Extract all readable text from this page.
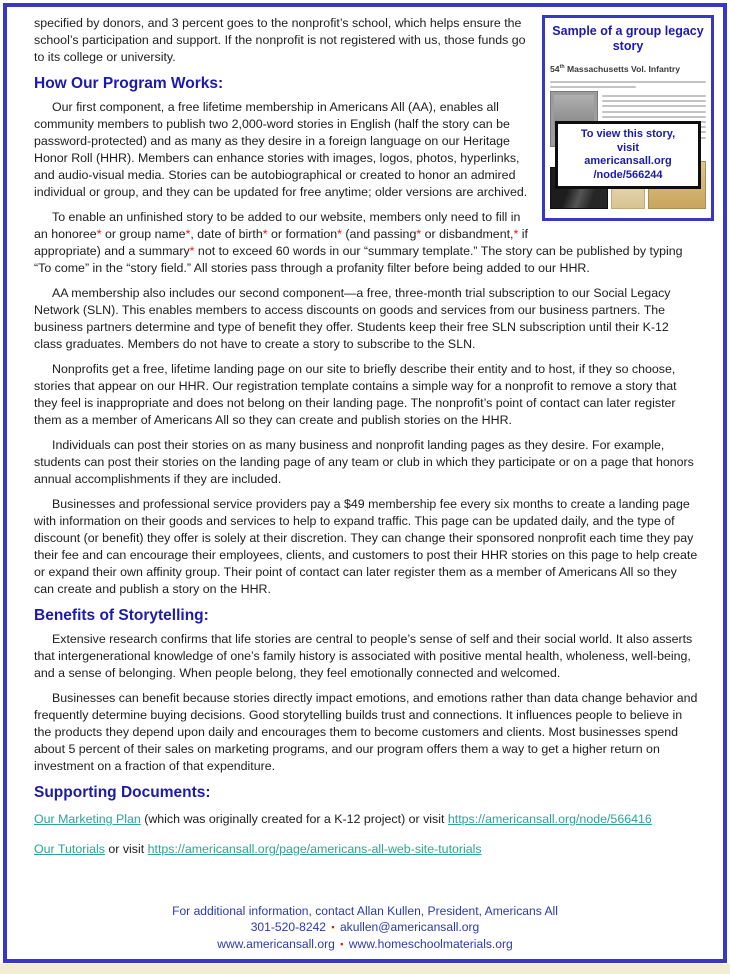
Sample of a group legacy story
54th Massachusetts Vol. Infantry
To view this story,
visit
americansall.org
/node/566244

specified by donors, and 3 percent goes to the nonprofit’s school, which helps ensure the school’s participation and support. If the nonprofit is not registered with us, those funds go to its college or university.

How Our Program Works:

Our first component, a free lifetime membership in Americans All (AA), enables all community members to publish two 2,000-word stories in English (half the story can be password-protected) and as many as they desire in a foreign language on our Heritage Honor Roll (HHR). Members can enhance stories with images, logos, photos, hyperlinks, and audio-visual media. Stories can be autobiographical or created to honor an admired individual or group, and they can be updated for free anytime; older versions are archived.

To enable an unfinished story to be added to our website, members only need to fill in an honoree* or group name*, date of birth* or formation* (and passing* or disbandment,* if appropriate) and a summary* not to exceed 60 words in our “summary template.” The story can be published by typing “To come” in the “story field.” All stories pass through a profanity filter before being added to our HHR.

AA membership also includes our second component—a free, three-month trial subscription to our Social Legacy Network (SLN). This enables members to access discounts on goods and services from our business partners. The business partners determine and type of benefit they offer. Students keep their free SLN subscription until their K-12 class graduates. Members do not have to create a story to subscribe to the SLN.

Nonprofits get a free, lifetime landing page on our site to briefly describe their entity and to host, if they so choose, stories that appear on our HHR. Our registration template contains a simple way for a nonprofit to remove a story that they feel is inappropriate and does not belong on their landing page. The nonprofit’s point of contact can later register them as a member of Americans All so they can create and publish stories on the HHR.

Individuals can post their stories on as many business and nonprofit landing pages as they desire. For example, students can post their stories on the landing page of any team or club in which they participate or on a page that honors annual accomplishments if they are included.

Businesses and professional service providers pay a $49 membership fee every six months to create a landing page with information on their goods and services to help to expand traffic. This page can be updated daily, and the type of discount (or benefit) they offer is solely at their discretion. They can change their sponsored nonprofit each time they pay their fee and can encourage their employees, clients, and customers to post their HHR stories on this page to help create or expand their own affinity group. Their point of contact can later register them as a member of Americans All so they can create and publish a story on the HHR.

Benefits of Storytelling:

Extensive research confirms that life stories are central to people’s sense of self and their social world. It also asserts that intergenerational knowledge of one’s family history is associated with positive mental health, wholeness, well-being, and a sense of belonging. When people belong, they feel emotionally connected and welcomed.

Businesses can benefit because stories directly impact emotions, and emotions rather than data change behavior and frequently determine buying decisions. Good storytelling builds trust and connections. It influences people to believe in the products they depend upon daily and encourages them to become customers and clients. Most businesses spend about 5 percent of their sales on marketing programs, and our program offers them a way to get a higher return on investment on a fraction of that expenditure.

Supporting Documents:

Our Marketing Plan (which was originally created for a K-12 project) or visit https://americansall.org/node/566416

Our Tutorials or visit https://americansall.org/page/americans-all-web-site-tutorials

For additional information, contact Allan Kullen, President, Americans All
301-520-8242 ▪ akullen@americansall.org
www.americansall.org ▪ www.homeschoolmaterials.org
